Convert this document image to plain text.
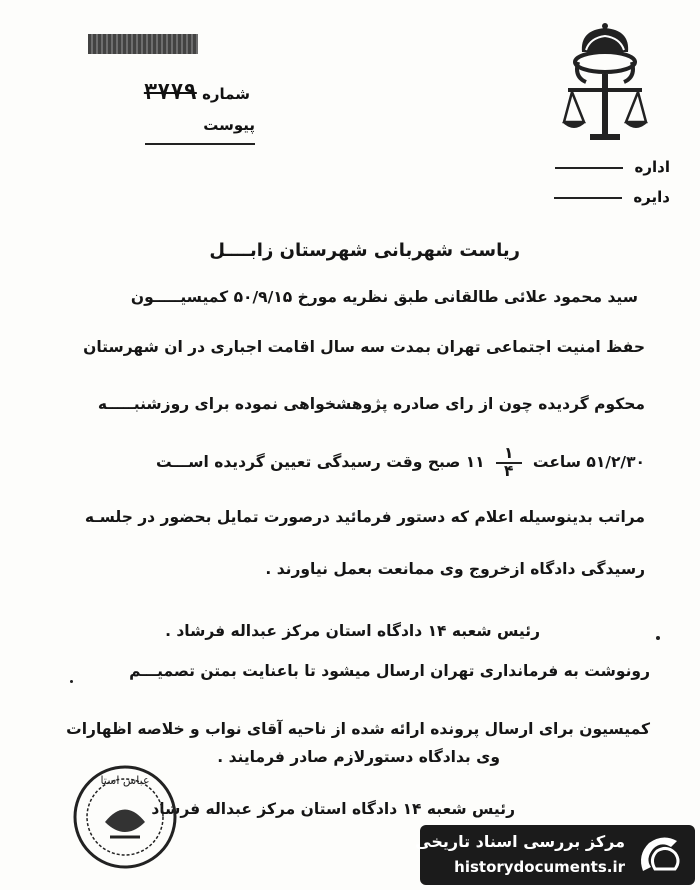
شماره ۳۷۷۹
پیوست
اداره
دایره
ریاست شهربانی شهرستان زابــــل
سید محمود علائی طالقانی طبق نظریه مورخ ۵۰/۹/۱۵ کمیسیـــــون
حفظ امنیت اجتماعی تهران بمدت سه سال اقامت اجباری در ان شهرستان
محکوم گردیده چون از رای صادره پژوهشخواهی نموده برای روزشنبـــــه
۵۱/۲/۳۰ ساعت
$\frac{۱}{۴}$
۱۱ صبح وقت رسیدگی تعیین گردیده اســـت
مراتب بدینوسیله اعلام که دستور فرمائید درصورت تمایل بحضور در جلسـه
رسیدگی دادگاه ازخروج وی ممانعت بعمل نیاورند .
رئیس شعبه ۱۴ دادگاه استان مرکز عبداله فرشاد .
رونوشت به فرمانداری تهران ارسال میشود تا باعنایت بمتن تصمیـــم
کمیسیون برای ارسال پرونده ارائه شده از ناحیه آقای نواب و خلاصه اظهارات
وی بدادگاه دستورلازم صادر فرمایند .
رئیس شعبه ۱۴ دادگاه استان مرکز عبداله فرشاد
عباس استا
مرکز بررسی اسناد تاریخی
historydocuments.ir
